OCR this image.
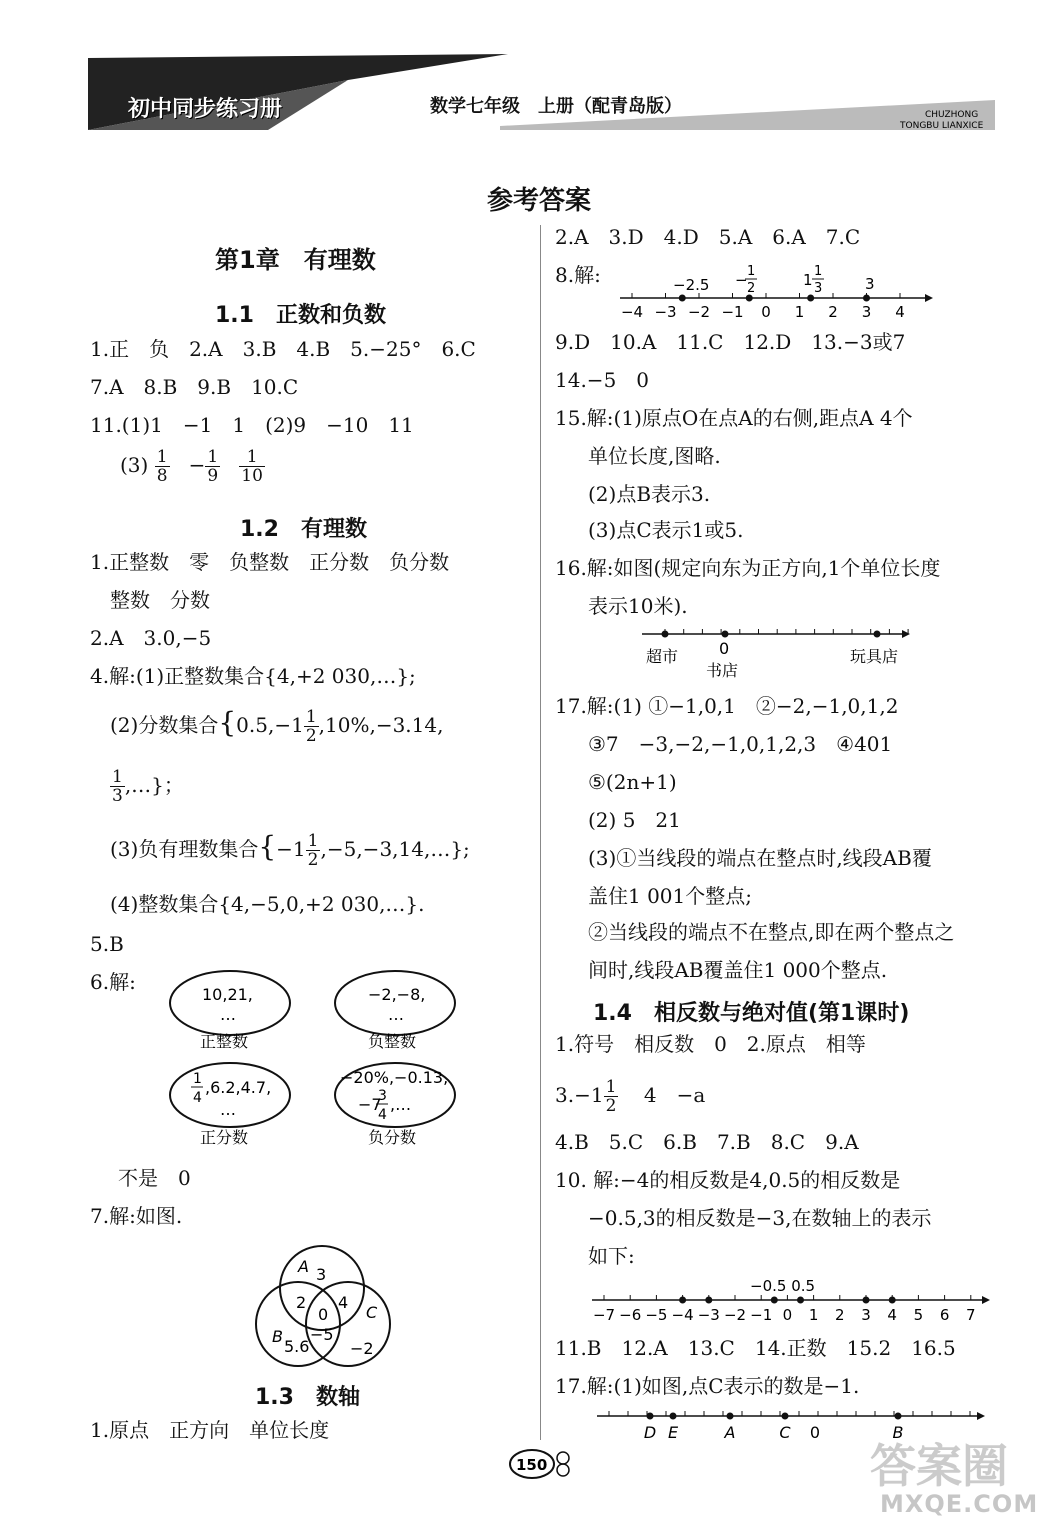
初中同步练习册	数学七年级　上册（配青岛版）	CHUZHONG
TONGBU LIANXICE
参考答案
第1章　有理数
1.1　正数和负数
1.正　负　2.A　3.B　4.B　5.−25°　6.C
7.A　8.B　9.B　10.C
11.(1)1　−1　1　(2)9　−10　11
$(3) \frac{1}{8} - \frac{1}{9}$
$\frac{1}{10}$
1.2　有理数
1.正整数　零　负整数　正分数　负分数
整数　分数
2.A　3.0,−5
4.解:(1)正整数集合{4,+2 030,…};
(2)分数集合{$0.5,-1 \frac{1}{2} ,10\%,-3.14$,
$\frac{1}{3}$ ,…}；
(3)负有理数集合{$-1 \frac{1}{2}$ ,−5,−3,14,…};
(4)整数集合{4,−5,0,+2 030,…}.
5.B
6.解:
10,21,
…
正整数
−2,−8,
…
负整数
1
4
,6.2,4.7,
…
正分数
−20%,−0.13,
−7
3
4
,…
负分数
不是　0
7.解:如图.
A 3
2
0
4
C
−5
B
5.6	−2
1.3　数轴
1.原点　正方向　单位长度
2.A　3.D　4.D　5.A　6.A　7.C
8.解:
−4 −3 −2 −1 0 1 2 3 4
−2.5 − 1
2	1 1
3	3
9.D　10.A　11.C　12.D　13.−3或7
14.−5　0
15.解:(1)原点O在点A的右侧,距点A 4个
单位长度,图略.
(2)点B表示3.
(3)点C表示1或5.
16.解:如图(规定向东为正方向,1个单位长度
表示10米).
超市	0
书店
玩具店
17.解:(1) ①−1,0,1　②−2,−1,0,1,2
③7　−3,−2,−1,0,1,2,3　④401
⑤(2n+1)
(2) 5　21
(3)①当线段的端点在整点时,线段AB覆
盖住1 001个整点;
②当线段的端点不在整点,即在两个整点之
间时,线段AB覆盖住1 000个整点.
1.4　相反数与绝对值(第1课时)
1.符号　相反数　0　2.原点　相等
$3.-1 \frac{1}{2} 4$　−a
4.B　5.C　6.B　7.B　8.C　9.A
10. 解:−4的相反数是4,0.5的相反数是
−0.5,3的相反数是−3,在数轴上的表示
如下:
−7 −6 −5 −4 −3 −2 −1 0 1 2 3 4 5 6 7
−0.5 0.5
11.B　12.A　13.C　14.正数　15.2　16.5
17.解:(1)如图,点C表示的数是−1.
D E	A	C 0	B
150	答案圈
MXQE.COM
